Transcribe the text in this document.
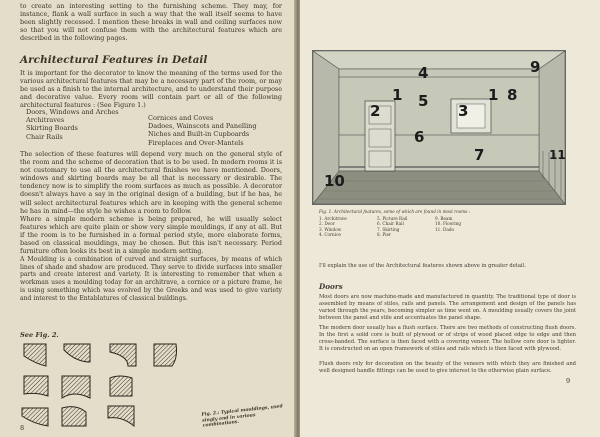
to create an interesting setting to the furnishing scheme. They may, for instance, flank a wall surface in such a way that the wall itself seems to have been slightly recessed. I mention these breaks in wall and ceiling surfaces now so that you will not confuse them with the architectural features which are described in the following pages.

Architectural Features in Detail

It is important for the decorator to know the meaning of the terms used for the various architectural features that may be a necessary part of the room, or may be used as a finish to the internal architecture, and to understand their purpose and decorative value. Every room will contain part or all of the following architectural features : (See Figure 1.)

Doors, Windows and Arches
Architraves
Skirting Boards
Chair Rails
Cornices and Coves
Dadoes, Wainscots and Panelling
Niches and Built-in Cupboards
Fireplaces and Over-Mantels

The selection of these features will depend very much on the general style of the room and the scheme of decoration that is to be used. In modern rooms it is not customary to use all the architectural finishes we have mentioned. Doors, windows and skirting boards may be all that is necessary or desirable. The tendency now is to simplify the room surfaces as much as possible. A decorator doesn't always have a say in the original design of a building, but if he has, he will select architectural features which are in keeping with the general scheme he has in mind—the style he wishes a room to follow.

Where a simple modern scheme is being prepared, he will usually select features which are quite plain or show very simple mouldings, if any at all. But if the room is to be furnished in a formal period style, more elaborate forms, based on classical mouldings, may be chosen. But this isn't necessary. Period furniture often looks its best in a simple modern setting.

A Moulding is a combination of curved and straight surfaces, by means of which lines of shade and shadow are produced. They serve to divide surfaces into smaller parts and create interest and variety. It is interesting to remember that when a workman uses a moulding today for an architrave, a cornice or a picture frame, he is using something which was evolved by the Greeks and was used to give variety and interest to the Entablatures of classical buildings.

See Fig. 2.
Fig. 2.: Typical mouldings, used singly and in various combinations.
8
4	9
1
2
5
3
1 8
6
7	11
10
Fig. 1. Architectural features, some of which are found in most rooms :
1. Architrave	5. Picture Rail	9. Beam
2. Door	6. Chair Rail	10. Flooring
3. Window	7. Skirting	11. Dado
4. Cornice	8. Pier

I'll explain the use of the Architectural features shown above in greater detail.

Doors

Most doors are now machine-made and manufactured in quantity. The traditional type of door is assembled by means of stiles, rails and panels. The arrangement and design of the panels has varied through the years, becoming simpler as time went on. A moulding usually covers the joint between the panel and stile and accentuates the panel shape.

The modern door usually has a flush surface. There are two methods of constructing flush doors. In the first a solid core is built of plywood or of strips of wood placed edge to edge and then cross-banded. The surface is then faced with a covering veneer. The hollow core door is lighter. It is constructed on an open framework of stiles and rails which is then faced with plywood.

Flush doors rely for decoration on the beauty of the veneers with which they are finished and well designed handle fittings can be used to give interest to the otherwise plain surface.

9
